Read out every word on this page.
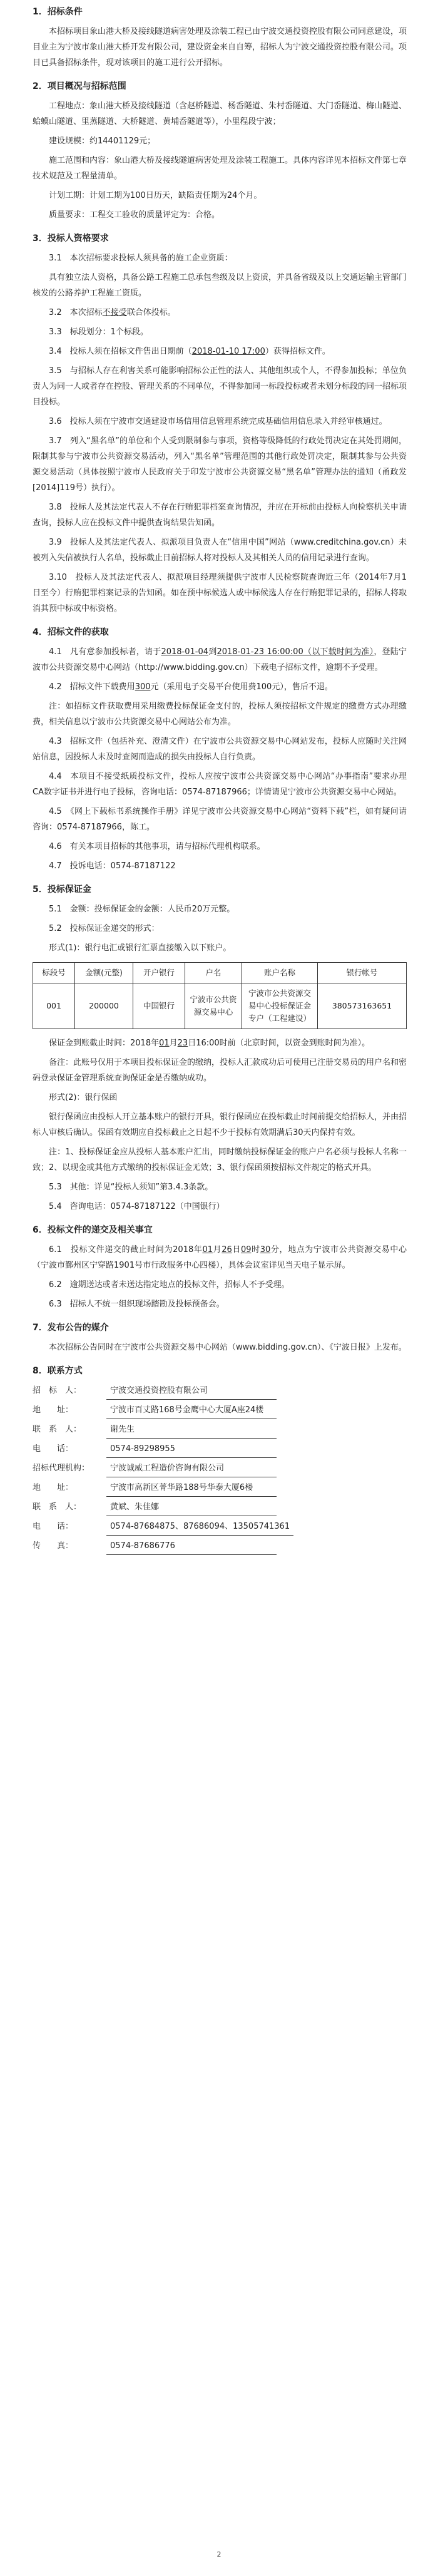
1．招标条件

本招标项目象山港大桥及接线隧道病害处理及涂装工程已由宁波交通投资控股有限公司同意建设，项目业主为宁波市象山港大桥开发有限公司，建设资金来自自筹，招标人为宁波交通投资控股有限公司。项目已具备招标条件，现对该项目的施工进行公开招标。

2．项目概况与招标范围

工程地点：象山港大桥及接线隧道（含赵桥隧道、杨岙隧道、朱村岙隧道、大门岙隧道、梅山隧道、蛤蟆山隧道、里蒸隧道、大桥隧道、黄埔岙隧道等），小里程段宁波；

建设规模：约14401129元；

施工范围和内容：象山港大桥及接线隧道病害处理及涂装工程施工。具体内容详见本招标文件第七章技术规范及工程量清单。

计划工期：计划工期为100日历天，缺陷责任期为24个月。

质量要求：工程交工验收的质量评定为：合格。

3．投标人资格要求

3.1　本次招标要求投标人须具备的施工企业资质：

具有独立法人资格，具备公路工程施工总承包叁级及以上资质，并具备省级及以上交通运输主管部门核发的公路养护工程施工资质。

3.2　本次招标不接受联合体投标。

3.3　标段划分：1个标段。

3.4　投标人须在招标文件售出日期前（2018-01-10 17:00）获得招标文件。

3.5　与招标人存在利害关系可能影响招标公正性的法人、其他组织或个人，不得参加投标；单位负责人为同一人或者存在控股、管理关系的不同单位，不得参加同一标段投标或者未划分标段的同一招标项目投标。

3.6　投标人须在宁波市交通建设市场信用信息管理系统完成基础信用信息录入并经审核通过。

3.7　列入“黑名单”的单位和个人受到限制参与事项，资格等级降低的行政处罚决定在其处罚期间，限制其参与宁波市公共资源交易活动，列入“黑名单”管理范围的其他行政处罚决定，限制其参与公共资源交易活动（具体按照宁波市人民政府关于印发宁波市公共资源交易“黑名单”管理办法的通知（甬政发[2014]119号）执行）。

3.8　投标人及其法定代表人不存在行贿犯罪档案查询情况，并应在开标前由投标人向检察机关申请查询，投标人应在投标文件中提供查询结果告知函。

3.9　投标人及其法定代表人、拟派项目负责人在“信用中国”网站（www.creditchina.gov.cn）未被列入失信被执行人名单，投标截止日前招标人将对投标人及其相关人员的信用记录进行查询。

3.10　投标人及其法定代表人、拟派项目经理须提供宁波市人民检察院查询近三年（2014年7月1日至今）行贿犯罪档案记录的告知函。如在预中标候选人或中标候选人存在行贿犯罪记录的，招标人将取消其预中标或中标资格。

4．招标文件的获取

4.1　凡有意参加投标者，请于2018-01-04到2018-01-23 16:00:00（以下载时间为准），登陆宁波市公共资源交易中心网站（http://www.bidding.gov.cn）下载电子招标文件，逾期不予受理。

4.2　招标文件下载费用300元（采用电子交易平台使用费100元），售后不退。

注：如招标文件获取费用采用缴费投标保证金支付的，投标人须按招标文件规定的缴费方式办理缴费，相关信息以宁波市公共资源交易中心网站公布为准。

4.3　招标文件（包括补充、澄清文件）在宁波市公共资源交易中心网站发布，投标人应随时关注网站信息，因投标人未及时查阅而造成的损失由投标人自行负责。

4.4　本项目不接受纸质投标文件，投标人应按宁波市公共资源交易中心网站“办事指南”要求办理CA数字证书并进行电子投标，咨询电话：0574-87187966；详情请见宁波市公共资源交易中心网站。

4.5　《网上下载标书系统操作手册》详见宁波市公共资源交易中心网站“资料下载”栏，如有疑问请咨询：0574-87187966，陈工。

4.6　有关本项目招标的其他事项，请与招标代理机构联系。

4.7　投诉电话：0574-87187122

5．投标保证金

5.1　金额：投标保证金的金额：人民币20万元整。

5.2　投标保证金递交的形式：

形式(1)：银行电汇或银行汇票直接缴入以下账户。

标段号	金额(元整)	开户银行	户名	账户名称	银行帐号
001	200000	中国银行	宁波市公共资源交易中心	宁波市公共资源交易中心投标保证金专户（工程建设）	380573163651

保证金到账截止时间：2018年01月23日16:00时前（北京时间，以资金到账时间为准）。

备注：此账号仅用于本项目投标保证金的缴纳，投标人汇款成功后可使用已注册交易员的用户名和密码登录保证金管理系统查询保证金是否缴纳成功。

形式(2)：银行保函

银行保函应由投标人开立基本账户的银行开具，银行保函应在投标截止时间前提交给招标人，并由招标人审核后确认。保函有效期应自投标截止之日起不少于投标有效期满后30天内保持有效。

注：1、投标保证金应从投标人基本账户汇出，同时缴纳投标保证金的账户户名必须与投标人名称一致；2、以现金或其他方式缴纳的投标保证金无效；3、银行保函须按招标文件规定的格式开具。

5.3　其他：详见“投标人须知”第3.4.3条款。

5.4　咨询电话：0574-87187122（中国银行）

6．投标文件的递交及相关事宜

6.1　投标文件递交的截止时间为2018年01月26日09时30分，地点为宁波市公共资源交易中心（宁波市鄞州区宁穿路1901号市行政服务中心四楼），具体会议室详见当天电子显示屏。

6.2　逾期送达或者未送达指定地点的投标文件，招标人不予受理。

6.3　招标人不统一组织现场踏勘及投标预备会。

7．发布公告的媒介

本次招标公告同时在宁波市公共资源交易中心网站（www.bidding.gov.cn）、《宁波日报》上发布。

8．联系方式
招　标　人：	宁波交通投资控股有限公司
地　　址：	宁波市百丈路168号金鹰中心大厦A座24楼
联　系　人：	谢先生
电　　话：	0574-89298955
招标代理机构：	宁波诚威工程造价咨询有限公司
地　　址：	宁波市高新区菁华路188号华泰大厦6楼
联　系　人：	黄斌、朱佳娜
电　　话：	0574-87684875、87686094、13505741361
传　　真：	0574-87686776
2
